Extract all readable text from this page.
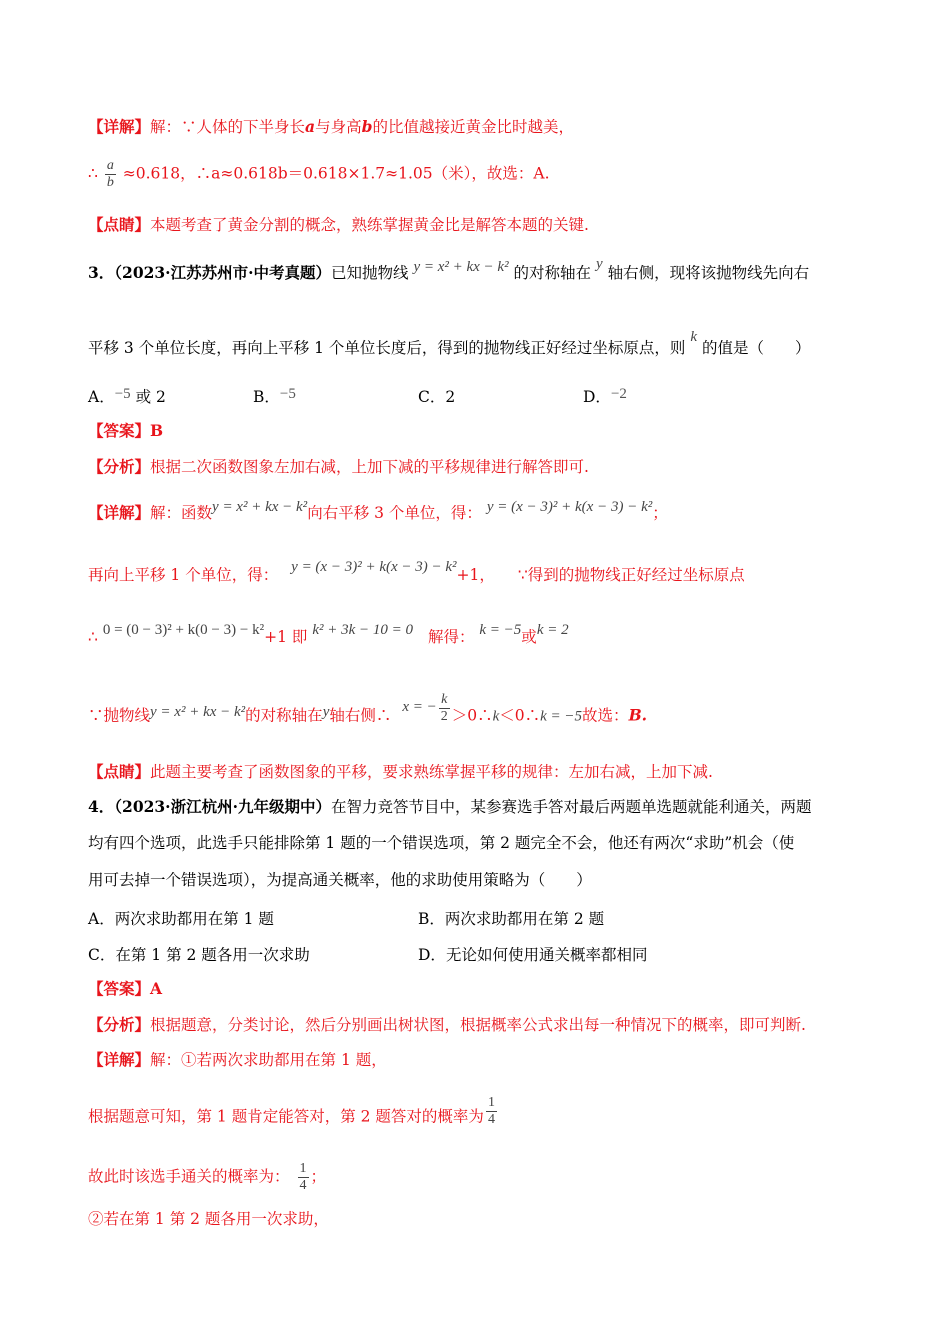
【详解】解：∵人体的下半身长a与身高b的比值越接近黄金比时越美，
∴ $\frac{a}{b} \approx 0.618$，∴a≈0.618b＝0.618×1.7≈1.05（米），故选：A.
【点睛】本题考查了黄金分割的概念，熟练掌握黄金比是解答本题的关键.
3．（2023·江苏苏州市·中考真题）已知抛物线 y = x² + kx − k² 的对称轴在 y 轴右侧，现将该抛物线先向右
平移 3 个单位长度，再向上平移 1 个单位长度后，得到的抛物线正好经过坐标原点，则 k 的值是（　　）
A．−5 或 2	B．−5	C．2	D．−2
【答案】B
【分析】根据二次函数图象左加右减，上加下减的平移规律进行解答即可.
【详解】解：函数y = x² + kx − k²向右平移 3 个单位，得： y = (x − 3)² + k(x − 3) − k²；
再向上平移 1 个单位，得： y = (x − 3)² + k(x − 3) − k²+1， ∵得到的抛物线正好经过坐标原点
∴ 0 = (0 − 3)² + k(0 − 3) − k²+1 即 k² + 3k − 10 = 0 解得： k = −5或k = 2
∵抛物线y = x² + kx − k²的对称轴在y轴右侧∴ x = − $\frac{k}{2}$ ＞0∴k＜0∴k = −5故选：B.
【点睛】此题主要考查了函数图象的平移，要求熟练掌握平移的规律：左加右减，上加下减.
4．（2023·浙江杭州·九年级期中）在智力竞答节目中，某参赛选手答对最后两题单选题就能利通关，两题
均有四个选项，此选手只能排除第 1 题的一个错误选项，第 2 题完全不会，他还有两次“求助”机会（使
用可去掉一个错误选项），为提高通关概率，他的求助使用策略为（　　）
A．两次求助都用在第 1 题	B．两次求助都用在第 2 题
C．在第 1 第 2 题各用一次求助	D．无论如何使用通关概率都相同
【答案】A
【分析】根据题意，分类讨论，然后分别画出树状图，根据概率公式求出每一种情况下的概率，即可判断.
【详解】解：①若两次求助都用在第 1 题，
根据题意可知，第 1 题肯定能答对，第 2 题答对的概率为 $\frac{1}{4}$
故此时该选手通关的概率为： $\frac{1}{4}$ ；
②若在第 1 第 2 题各用一次求助，
